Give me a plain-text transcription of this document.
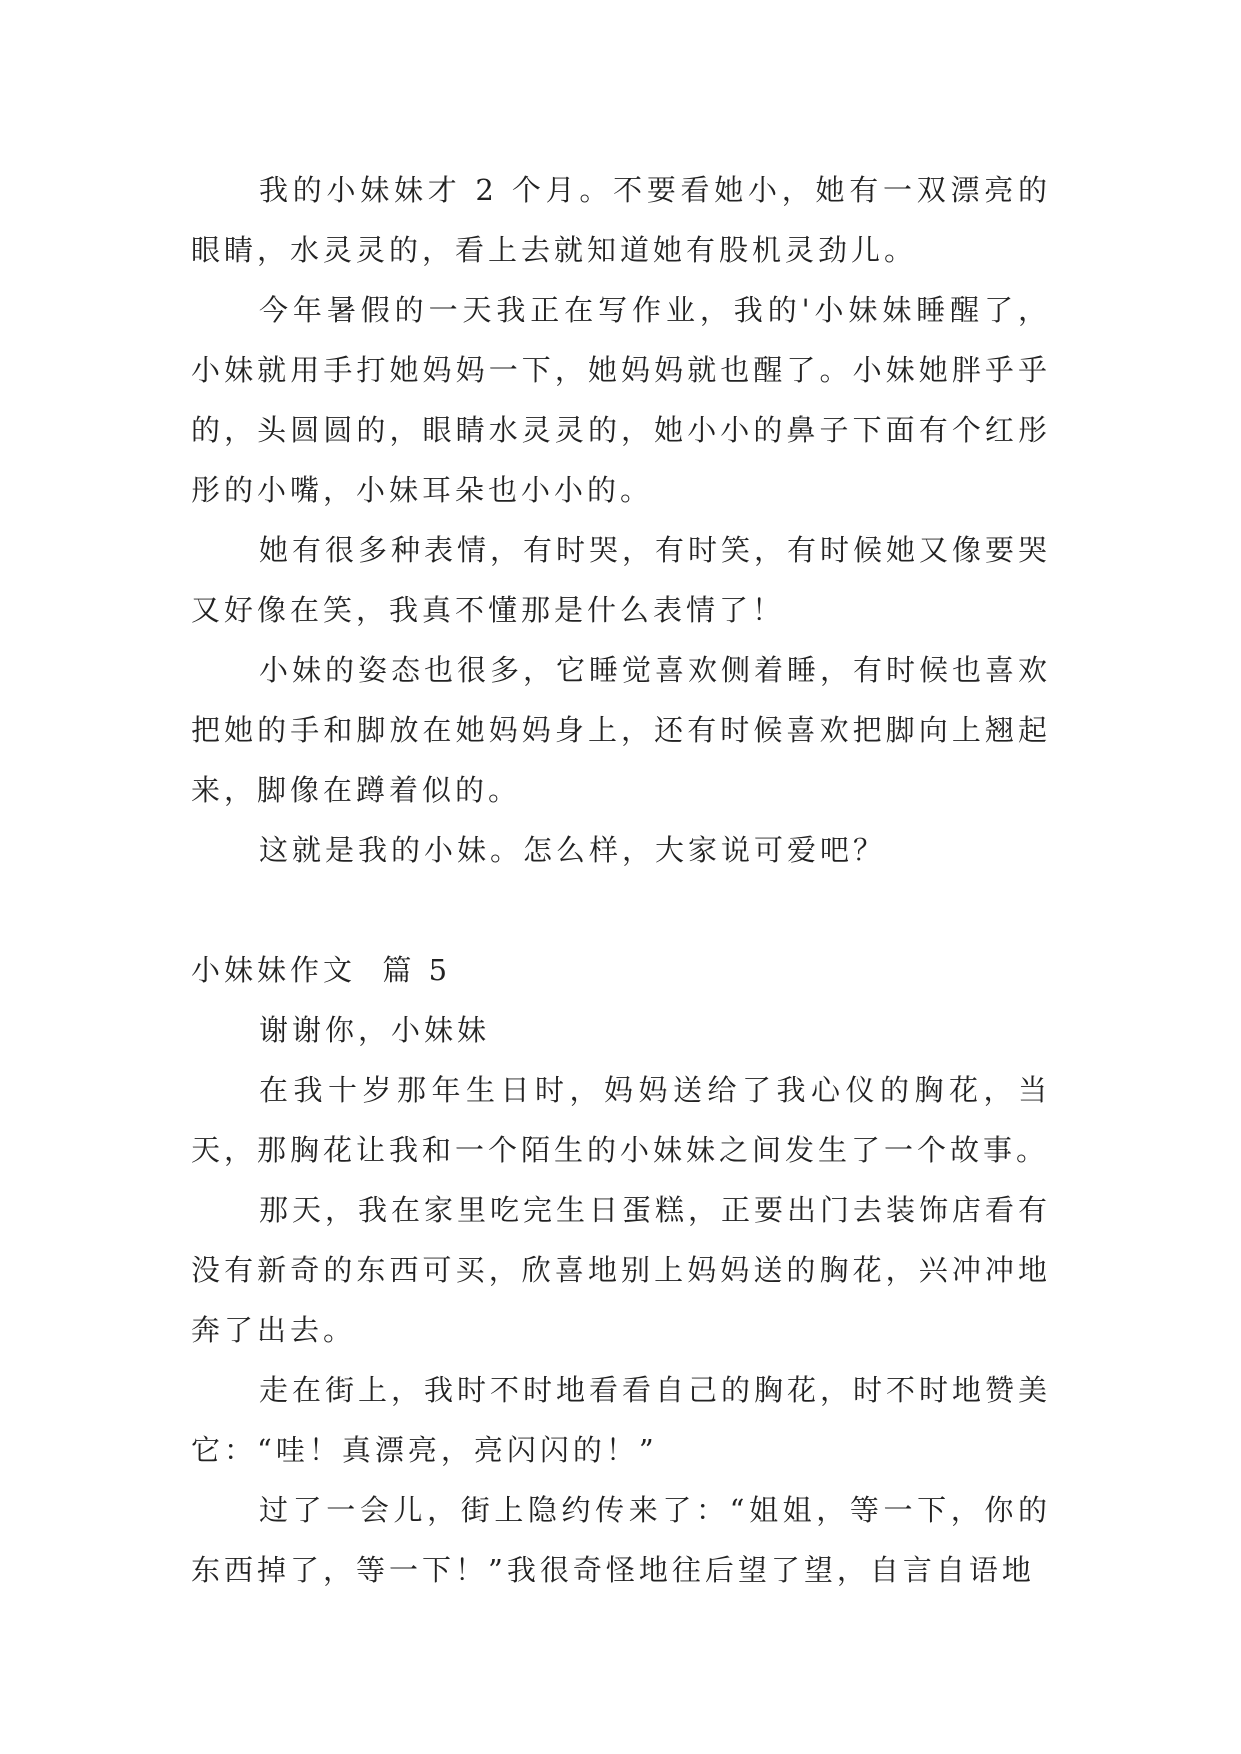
我的小妹妹才 2 个月。不要看她小，她有一双漂亮的眼睛，水灵灵的，看上去就知道她有股机灵劲儿。

今年暑假的一天我正在写作业，我的'小妹妹睡醒了，小妹就用手打她妈妈一下，她妈妈就也醒了。小妹她胖乎乎的，头圆圆的，眼睛水灵灵的，她小小的鼻子下面有个红彤彤的小嘴，小妹耳朵也小小的。

她有很多种表情，有时哭，有时笑，有时候她又像要哭又好像在笑，我真不懂那是什么表情了！

小妹的姿态也很多，它睡觉喜欢侧着睡，有时候也喜欢把她的手和脚放在她妈妈身上，还有时候喜欢把脚向上翘起来，脚像在蹲着似的。

这就是我的小妹。怎么样，大家说可爱吧？

小妹妹作文  篇 5

谢谢你，小妹妹

在我十岁那年生日时，妈妈送给了我心仪的胸花，当天，那胸花让我和一个陌生的小妹妹之间发生了一个故事。

那天，我在家里吃完生日蛋糕，正要出门去装饰店看有没有新奇的东西可买，欣喜地别上妈妈送的胸花，兴冲冲地奔了出去。

走在街上，我时不时地看看自己的胸花，时不时地赞美它：“哇！真漂亮，亮闪闪的！”

过了一会儿，街上隐约传来了：“姐姐，等一下，你的东西掉了，等一下！”我很奇怪地往后望了望，自言自语地
